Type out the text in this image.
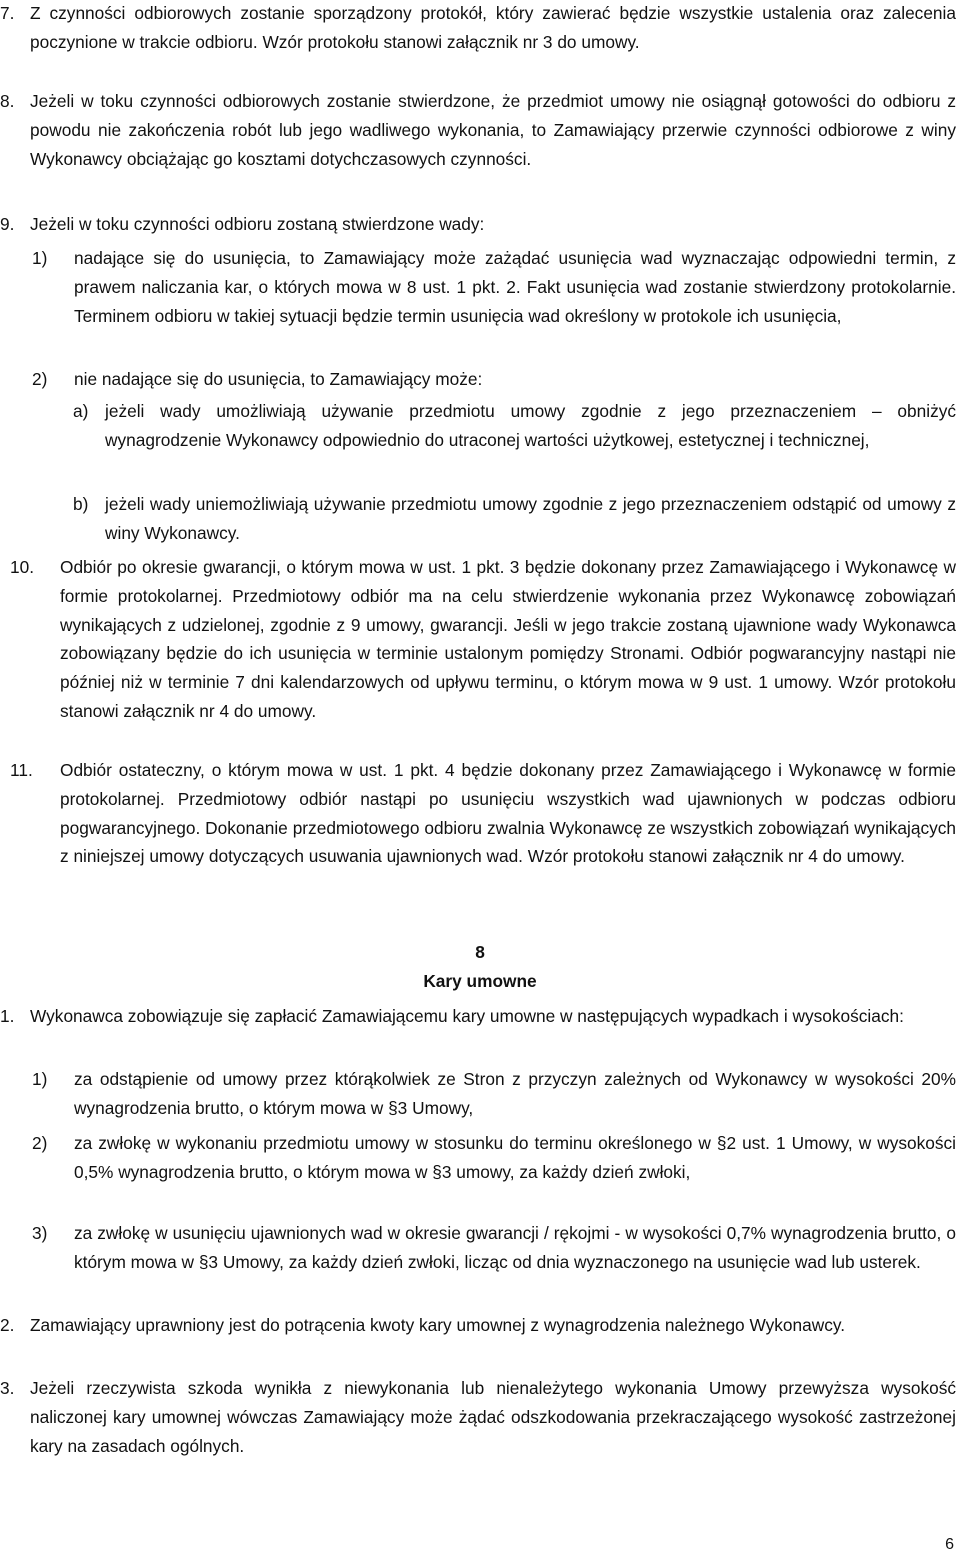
7. Z czynności odbiorowych zostanie sporządzony protokół, który zawierać będzie wszystkie ustalenia oraz zalecenia poczynione w trakcie odbioru. Wzór protokołu stanowi załącznik nr 3 do umowy.
8. Jeżeli w toku czynności odbiorowych zostanie stwierdzone, że przedmiot umowy nie osiągnął gotowości do odbioru z powodu nie zakończenia robót lub jego wadliwego wykonania, to Zamawiający przerwie czynności odbiorowe z winy Wykonawcy obciążając go kosztami dotychczasowych czynności.
9. Jeżeli w toku czynności odbioru zostaną stwierdzone wady:
1) nadające się do usunięcia, to Zamawiający może zażądać usunięcia wad wyznaczając odpowiedni termin, z prawem naliczania kar, o których mowa w 8 ust. 1 pkt. 2. Fakt usunięcia wad zostanie stwierdzony protokolarnie. Terminem odbioru w takiej sytuacji będzie termin usunięcia wad określony w protokole ich usunięcia,
2) nie nadające się do usunięcia, to Zamawiający może:
a) jeżeli wady umożliwiają używanie przedmiotu umowy zgodnie z jego przeznaczeniem – obniżyć wynagrodzenie Wykonawcy odpowiednio do utraconej wartości użytkowej, estetycznej i technicznej,
b) jeżeli wady uniemożliwiają używanie przedmiotu umowy zgodnie z jego przeznaczeniem odstąpić od umowy z winy Wykonawcy.
10. Odbiór po okresie gwarancji, o którym mowa w ust. 1 pkt. 3 będzie dokonany przez Zamawiającego i Wykonawcę w formie protokolarnej. Przedmiotowy odbiór ma na celu stwierdzenie wykonania przez Wykonawcę zobowiązań wynikających z udzielonej, zgodnie z 9 umowy, gwarancji. Jeśli w jego trakcie zostaną ujawnione wady Wykonawca zobowiązany będzie do ich usunięcia w terminie ustalonym pomiędzy Stronami. Odbiór pogwarancyjny nastąpi nie później niż w terminie 7 dni kalendarzowych od upływu terminu, o którym mowa w 9 ust. 1 umowy. Wzór protokołu stanowi załącznik nr 4 do umowy.
11. Odbiór ostateczny, o którym mowa w ust. 1 pkt. 4 będzie dokonany przez Zamawiającego i Wykonawcę w formie protokolarnej. Przedmiotowy odbiór nastąpi po usunięciu wszystkich wad ujawnionych w podczas odbioru pogwarancyjnego. Dokonanie przedmiotowego odbioru zwalnia Wykonawcę ze wszystkich zobowiązań wynikających z niniejszej umowy dotyczących usuwania ujawnionych wad. Wzór protokołu stanowi załącznik nr 4 do umowy.
8
Kary umowne
1. Wykonawca zobowiązuje się zapłacić Zamawiającemu kary umowne w następujących wypadkach i wysokościach:
1) za odstąpienie od umowy przez którąkolwiek ze Stron z przyczyn zależnych od Wykonawcy w wysokości 20% wynagrodzenia brutto, o którym mowa w §3 Umowy,
2) za zwłokę w wykonaniu przedmiotu umowy w stosunku do terminu określonego w §2 ust. 1 Umowy, w wysokości 0,5% wynagrodzenia brutto, o którym mowa w §3 umowy, za każdy dzień zwłoki,
3) za zwłokę w usunięciu ujawnionych wad w okresie gwarancji / rękojmi - w wysokości 0,7% wynagrodzenia brutto, o którym mowa w §3 Umowy, za każdy dzień zwłoki, licząc od dnia wyznaczonego na usunięcie wad lub usterek.
2. Zamawiający uprawniony jest do potrącenia kwoty kary umownej z wynagrodzenia należnego Wykonawcy.
3. Jeżeli rzeczywista szkoda wynikła z niewykonania lub nienależytego wykonania Umowy przewyższa wysokość naliczonej kary umownej wówczas Zamawiający może żądać odszkodowania przekraczającego wysokość zastrzeżonej kary na zasadach ogólnych.
6
